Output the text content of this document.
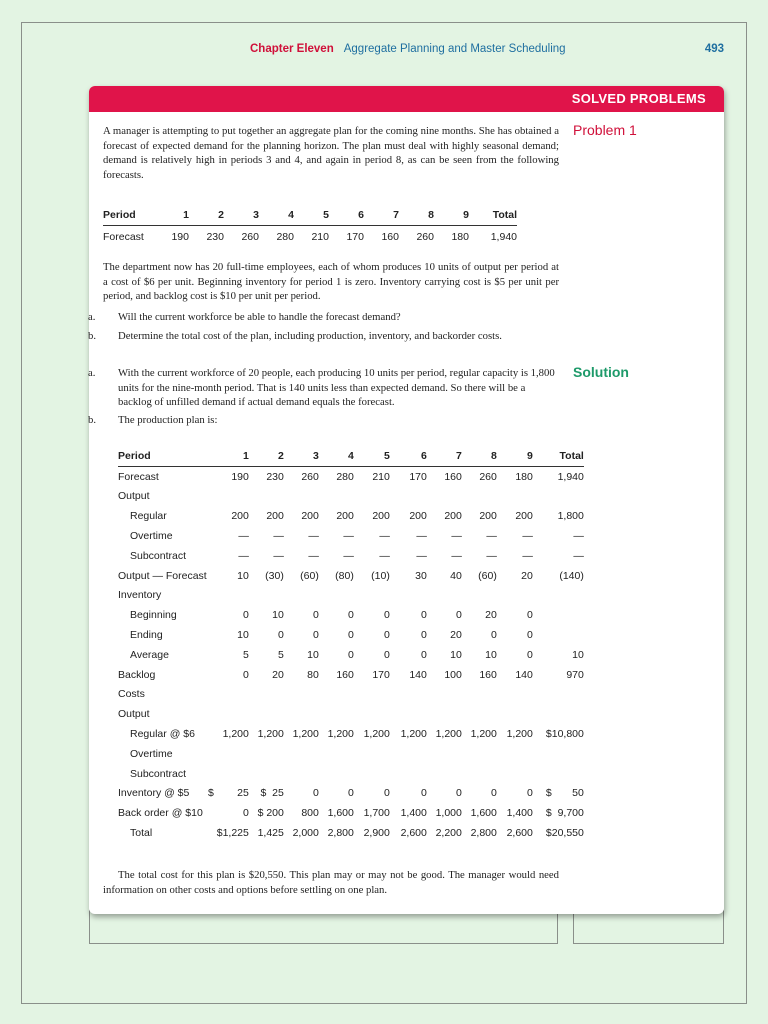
Chapter Eleven Aggregate Planning and Master Scheduling	493
SOLVED PROBLEMS
Problem 1
Solution
A manager is attempting to put together an aggregate plan for the coming nine months. She has obtained a forecast of expected demand for the planning horizon. The plan must deal with highly seasonal demand; demand is relatively high in periods 3 and 4, and again in period 8, as can be seen from the following forecasts.
Period	1	2	3	4	5	6	7	8	9	Total
Forecast	190	230	260	280	210	170	160	260	180	1,940
The department now has 20 full-time employees, each of whom produces 10 units of output per period at a cost of $6 per unit. Beginning inventory for period 1 is zero. Inventory carrying cost is $5 per unit per period, and backlog cost is $10 per unit per period.
a. Will the current workforce be able to handle the forecast demand?
b. Determine the total cost of the plan, including production, inventory, and backorder costs.
a. With the current workforce of 20 people, each producing 10 units per period, regular capacity is 1,800 units for the nine-month period. That is 140 units less than expected demand. So there will be a backlog of unfilled demand if actual demand equals the forecast.
b. The production plan is:
Period	1	2	3	4	5	6	7	8	9	Total
Forecast	190	230	260	280	210	170	160	260	180	1,940
Output										
Regular	200	200	200	200	200	200	200	200	200	1,800
Overtime	—	—	—	—	—	—	—	—	—	—
Subcontract	—	—	—	—	—	—	—	—	—	—
Output — Forecast	10	(30)	(60)	(80)	(10)	30	40	(60)	20	(140)
Inventory										
Beginning	0	10	0	0	0	0	0	20	0	
Ending	10	0	0	0	0	0	20	0	0	
Average	5	5	10	0	0	0	10	10	0	10
Backlog	0	20	80	160	170	140	100	160	140	970
Costs										
Output										
Regular @ $6	1,200	1,200	1,200	1,200	1,200	1,200	1,200	1,200	1,200	$10,800
Overtime										
Subcontract										
Inventory @ $5	$        25	$  25	0	0	0	0	0	0	0	$       50
Back order @ $10	0	$ 200	800	1,600	1,700	1,400	1,000	1,600	1,400	$  9,700
Total	$1,225	1,425	2,000	2,800	2,900	2,600	2,200	2,800	2,600	$20,550
The total cost for this plan is $20,550. This plan may or may not be good. The manager would need information on other costs and options before settling on one plan.
